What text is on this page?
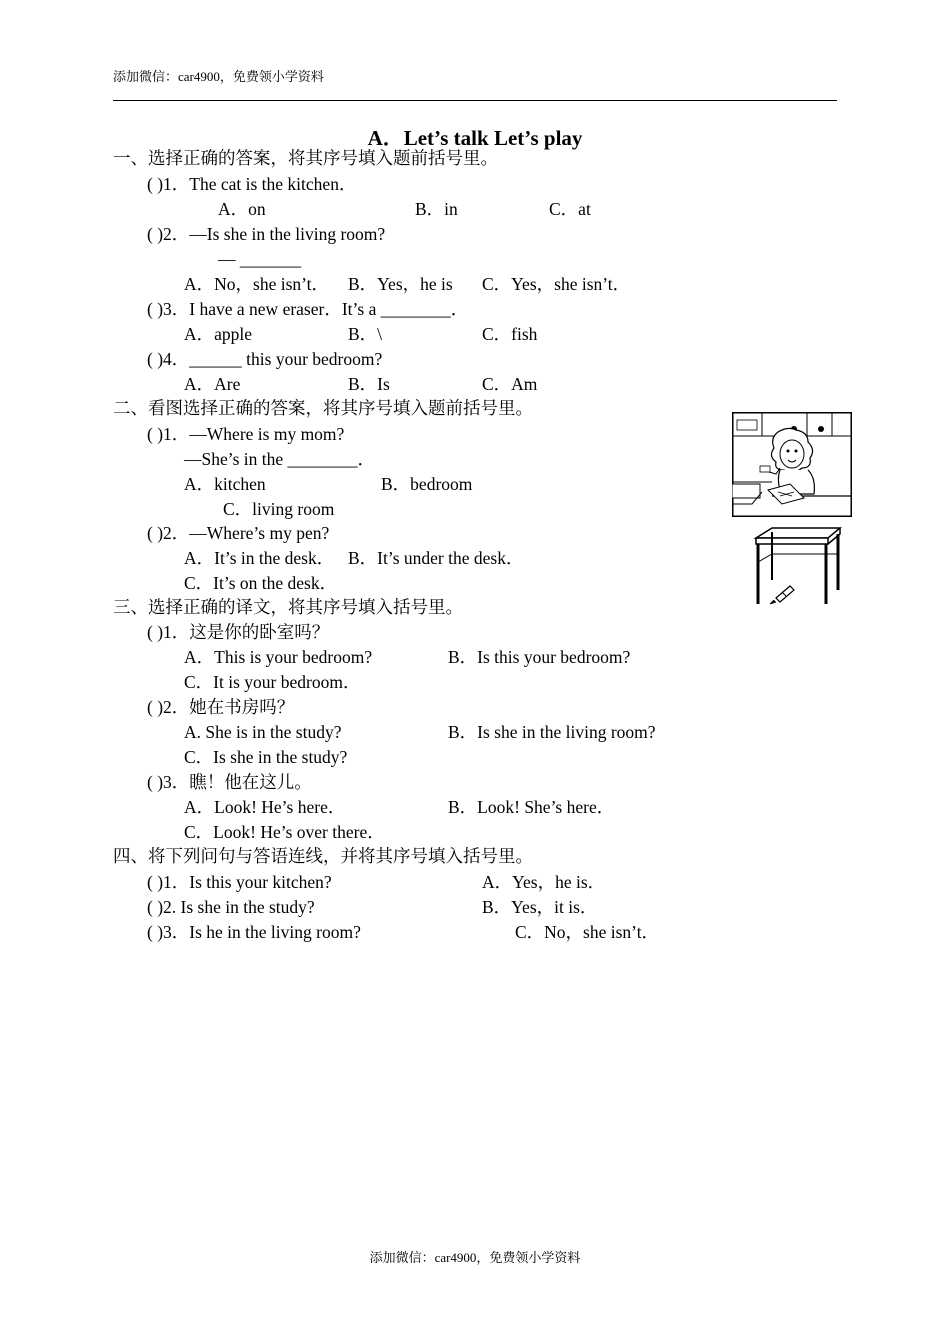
添加微信：car4900，免费领小学资料
A．Let’s talk Let’s play
一、选择正确的答案，将其序号填入题前括号里。
( )1．The cat is the kitchen．
A．on	B．in	C．at
( )2．—Is she in the living room?
— _______
A．No，she isn’t． B．Yes，he is C．Yes，she isn’t．
( )3．I have a new eraser．It’s a ________．
A．apple	B．\	C．fish
( )4．______ this your bedroom?
A．Are	B．Is	C．Am
二、看图选择正确的答案，将其序号填入题前括号里。
( )1．—Where is my mom?
—She’s in the ________．
A．kitchen	B．bedroom
C．living room
( )2．—Where’s my pen?
A．It’s in the desk． B．It’s under the desk．
C．It’s on the desk．
三、选择正确的译文，将其序号填入括号里。
( )1．这是你的卧室吗？
A．This is your bedroom?	B．Is this your bedroom?
C．It is your bedroom．
( )2．她在书房吗？
A. She is in the study?	B．Is she in the living room?
C．Is she in the study?
( )3．瞧！他在这儿。
A．Look! He’s here．	B．Look! She’s here．
C．Look! He’s over there．
四、将下列问句与答语连线，并将其序号填入括号里。
( )1．Is this your kitchen?	A．Yes，he is．
( )2. Is she in the study?	B．Yes，it is．
( )3．Is he in the living room?	C．No，she isn’t．
添加微信：car4900，免费领小学资料
